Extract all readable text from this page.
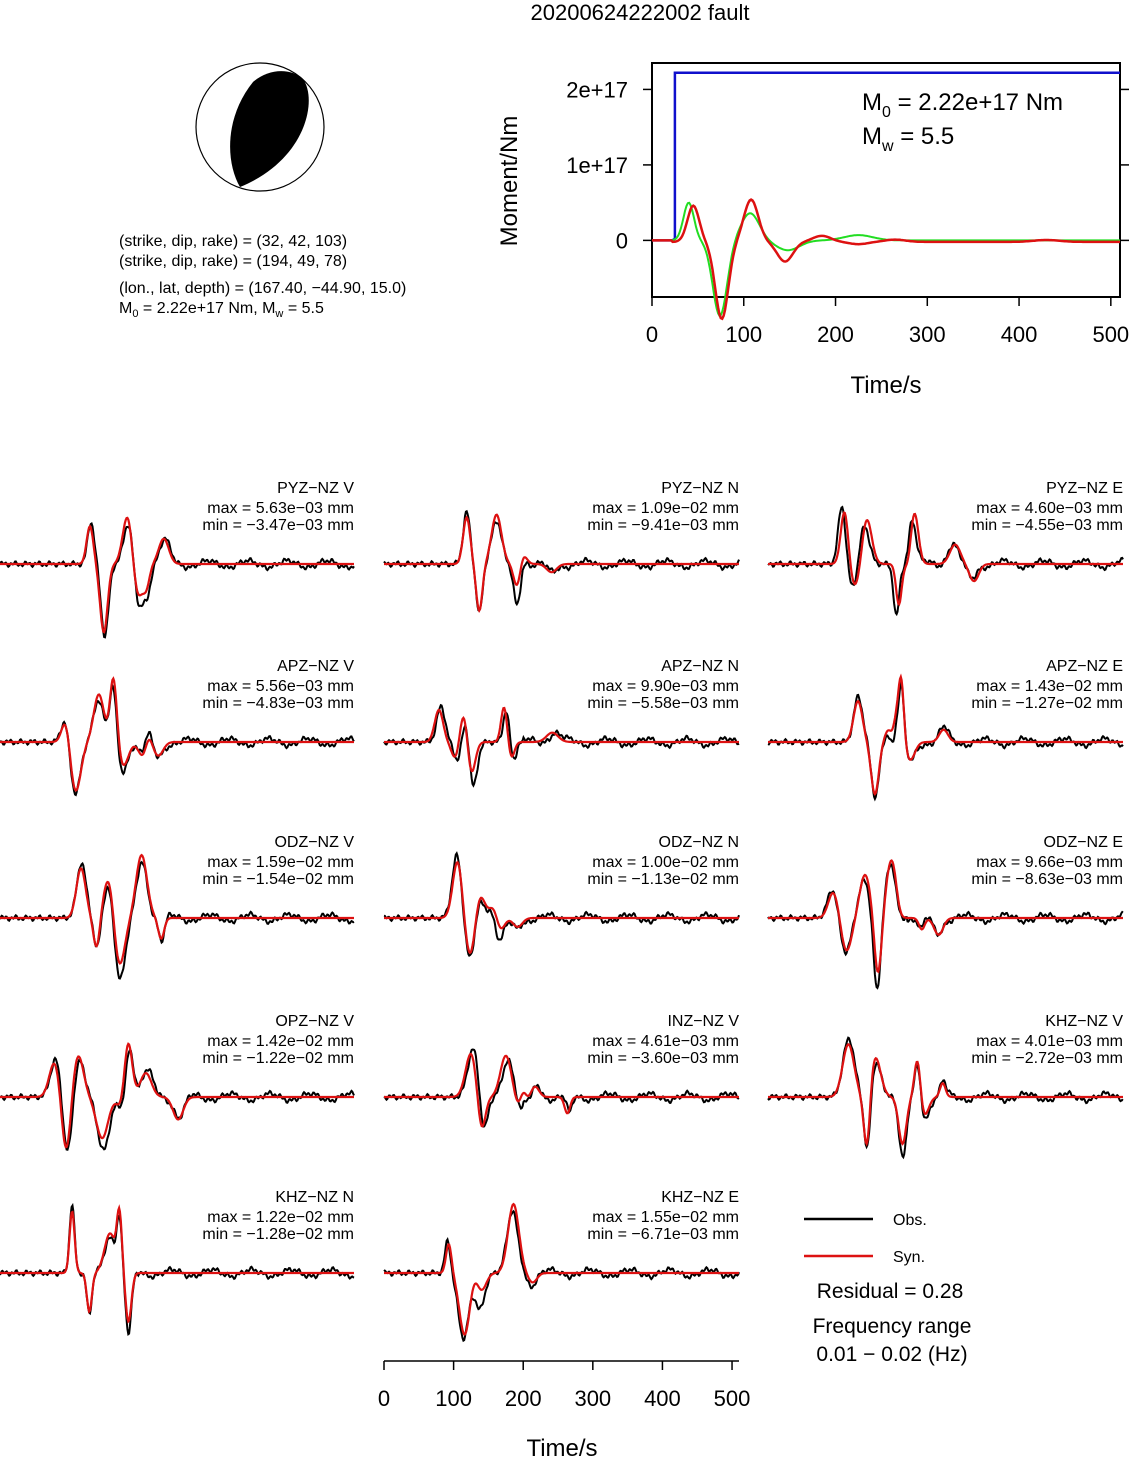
20200624222002 fault
0	100	200	300	400	500
0
1e+17
2e+17	$M_0 = 2.22e+17$ Nm
$M_w = 5.5$
Time/s
Moment/Nm
PYZ−NZ V
max = 5.63e−03 mm
min = −3.47e−03 mm
PYZ−NZ N
max = 1.09e−02 mm
min = −9.41e−03 mm
PYZ−NZ E
max = 4.60e−03 mm
min = −4.55e−03 mm
APZ−NZ V
max = 5.56e−03 mm
min = −4.83e−03 mm
APZ−NZ N
max = 9.90e−03 mm
min = −5.58e−03 mm
APZ−NZ E
max = 1.43e−02 mm
min = −1.27e−02 mm
ODZ−NZ V
max = 1.59e−02 mm
min = −1.54e−02 mm
ODZ−NZ N
max = 1.00e−02 mm
min = −1.13e−02 mm
ODZ−NZ E
max = 9.66e−03 mm
min = −8.63e−03 mm
OPZ−NZ V
max = 1.42e−02 mm
min = −1.22e−02 mm
INZ−NZ V
max = 4.61e−03 mm
min = −3.60e−03 mm
KHZ−NZ V
max = 4.01e−03 mm
min = −2.72e−03 mm
KHZ−NZ N
max = 1.22e−02 mm
min = −1.28e−02 mm
KHZ−NZ E
max = 1.55e−02 mm
min = −6.71e−03 mm
Time/s
0 100 200 300 400 500
Obs.
Syn.
Residual = 0.28
Frequency range
0.01 − 0.02 (Hz)
(strike, dip, rake) = (32, 42, 103)
(strike, dip, rake) = (194, 49, 78)
(lon., lat, depth) = (167.40, −44.90, 15.0)
$M_0 = 2.22e+17$ Nm, $M_w = 5.5$
